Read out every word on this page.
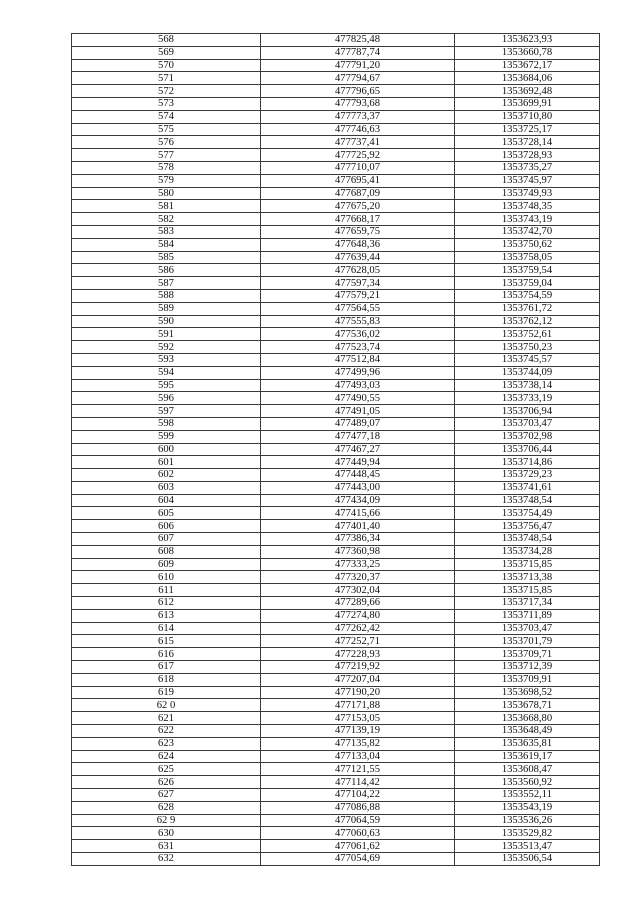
568	477825,48	1353623,93
569	477787,74	1353660,78
570	477791,20	1353672,17
571	477794,67	1353684,06
572	477796,65	1353692,48
573	477793,68	1353699,91
574	477773,37	1353710,80
575	477746,63	1353725,17
576	477737,41	1353728,14
577	477725,92	1353728,93
578	477710,07	1353735,27
579	477695,41	1353745,97
580	477687,09	1353749,93
581	477675,20	1353748,35
582	477668,17	1353743,19
583	477659,75	1353742,70
584	477648,36	1353750,62
585	477639,44	1353758,05
586	477628,05	1353759,54
587	477597,34	1353759,04
588	477579,21	1353754,59
589	477564,55	1353761,72
590	477555,83	1353762,12
591	477536,02	1353752,61
592	477523,74	1353750,23
593	477512,84	1353745,57
594	477499,96	1353744,09
595	477493,03	1353738,14
596	477490,55	1353733,19
597	477491,05	1353706,94
598	477489,07	1353703,47
599	477477,18	1353702,98
600	477467,27	1353706,44
601	477449,94	1353714,86
602	477448,45	1353729,23
603	477443,00	1353741,61
604	477434,09	1353748,54
605	477415,66	1353754,49
606	477401,40	1353756,47
607	477386,34	1353748,54
608	477360,98	1353734,28
609	477333,25	1353715,85
610	477320,37	1353713,38
611	477302,04	1353715,85
612	477289,66	1353717,34
613	477274,80	1353711,89
614	477262,42	1353703,47
615	477252,71	1353701,79
616	477228,93	1353709,71
617	477219,92	1353712,39
618	477207,04	1353709,91
619	477190,20	1353698,52
62 0	477171,88	1353678,71
621	477153,05	1353668,80
622	477139,19	1353648,49
623	477135,82	1353635,81
624	477133,04	1353619,17
625	477121,55	1353608,47
626	477114,42	1353560,92
627	477104,22	1353552,11
628	477086,88	1353543,19
62 9	477064,59	1353536,26
630	477060,63	1353529,82
631	477061,62	1353513,47
632	477054,69	1353506,54
